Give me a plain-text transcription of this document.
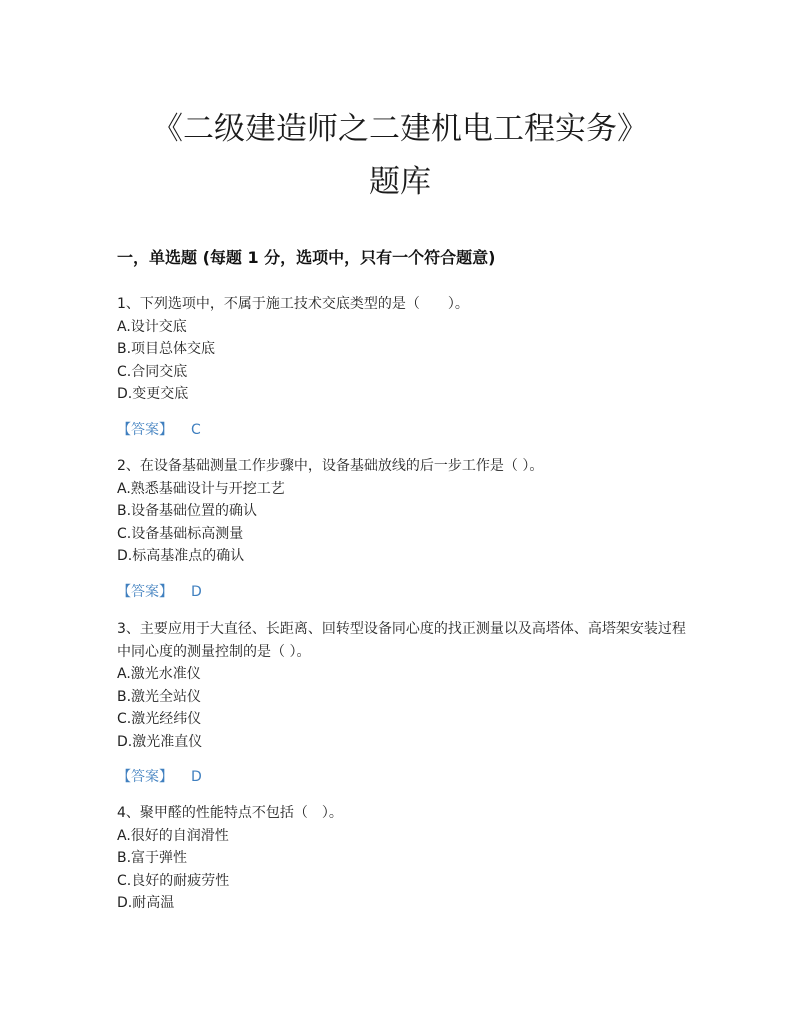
《二级建造师之二建机电工程实务》
题库
一，单选题 (每题 1 分，选项中，只有一个符合题意)

1、下列选项中，不属于施工技术交底类型的是（　　）。

A.设计交底

B.项目总体交底

C.合同交底

D.变更交底

【答案】 C

2、在设备基础测量工作步骤中，设备基础放线的后一步工作是（ ）。

A.熟悉基础设计与开挖工艺

B.设备基础位置的确认

C.设备基础标高测量

D.标高基准点的确认

【答案】 D

3、主要应用于大直径、长距离、回转型设备同心度的找正测量以及高塔体、高塔架安装过程中同心度的测量控制的是（ ）。

A.激光水准仪

B.激光全站仪

C.激光经纬仪

D.激光准直仪

【答案】 D

4、聚甲醛的性能特点不包括（　）。

A.很好的自润滑性

B.富于弹性

C.良好的耐疲劳性

D.耐高温
